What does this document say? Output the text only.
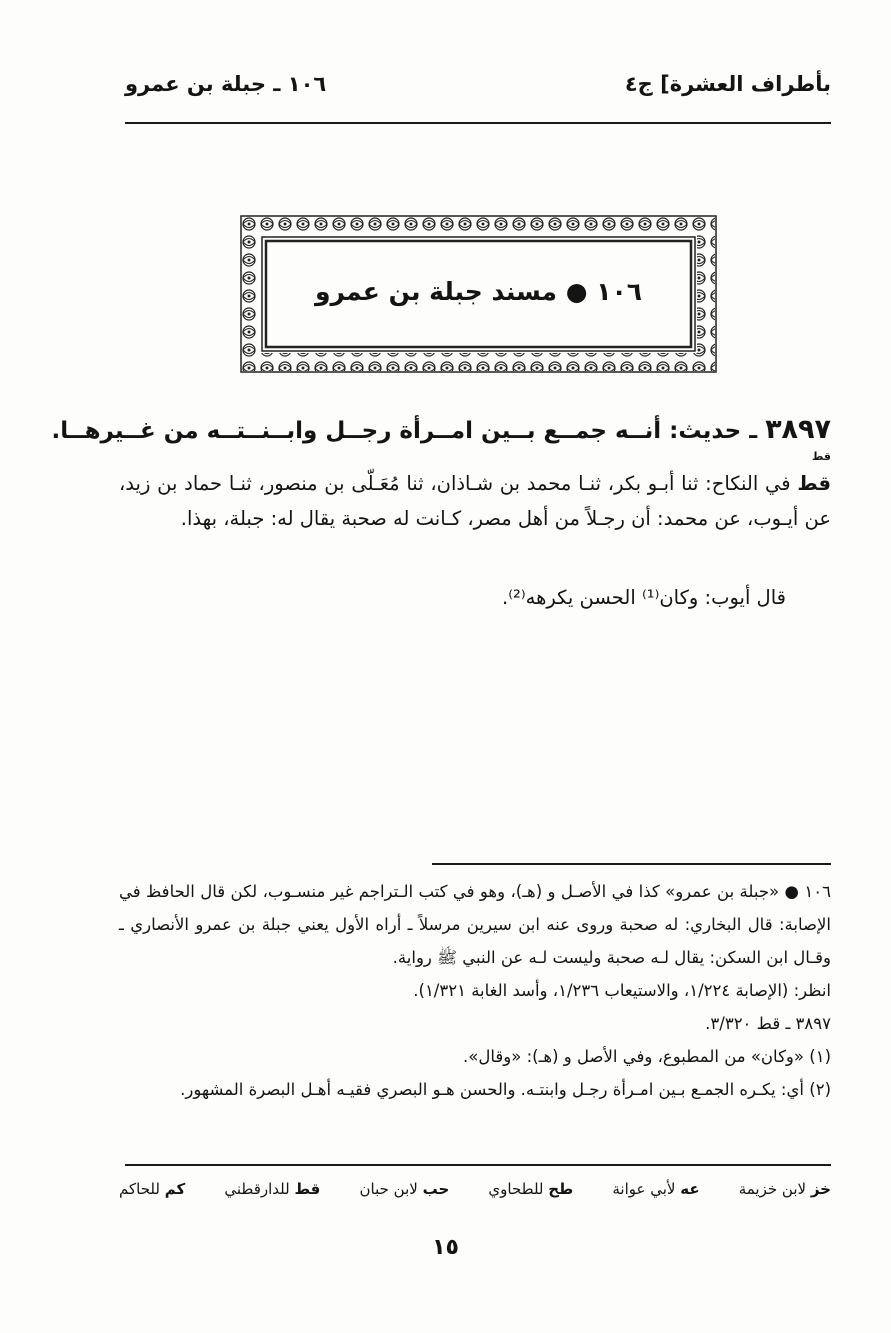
بأطراف العشرة] ج٤
١٠٦ ـ جبلة بن عمرو
١٠٦ ● مسند جبلة بن عمرو
٣٨٩٧ ـ حديث: أنــه جمــع بــين امــرأة رجــل وابــنــتــه من غــيرهــا.
قط
قط في النكاح: ثنا أبـو بكر، ثنـا محمد بن شـاذان، ثنا مُعَـلّى بن منصور، ثنـا حماد بن زيد، عن أيـوب، عن محمد: أن رجـلاً من أهل مصر، كـانت له صحبة يقال له: جبلة، بهذا.
قال أيوب: وكان⁽¹⁾ الحسن يكرهه⁽²⁾.

١٠٦ ● «جبلة بن عمرو» كذا في الأصـل و (هـ)، وهو في كتب الـتراجم غير منسـوب، لكن قال الحافظ في الإصابة: قال البخاري: له صحبة وروى عنه ابن سيرين مرسلاً ـ أراه الأول يعني جبلة بن عمرو الأنصاري ـ وقـال ابن السكن: يقال لـه صحبة وليست لـه عن النبي ﷺ رواية.

انظر: (الإصابة ١/٢٢٤، والاستيعاب ١/٢٣٦، وأسد الغابة ١/٣٢١).

٣٨٩٧ ـ قط ٣/٣٢٠.

(١) «وكان» من المطبوع، وفي الأصل و (هـ): «وقال».

(٢) أي: يكـره الجمـع بـين امـرأة رجـل وابنتـه. والحسن هـو البصري فقيـه أهـل البصرة المشهور.

خز لابن خزيمة
عه لأبي عوانة
طح للطحاوي
حب لابن حبان
قط للدارقطني
كم للحاكم
١٥
